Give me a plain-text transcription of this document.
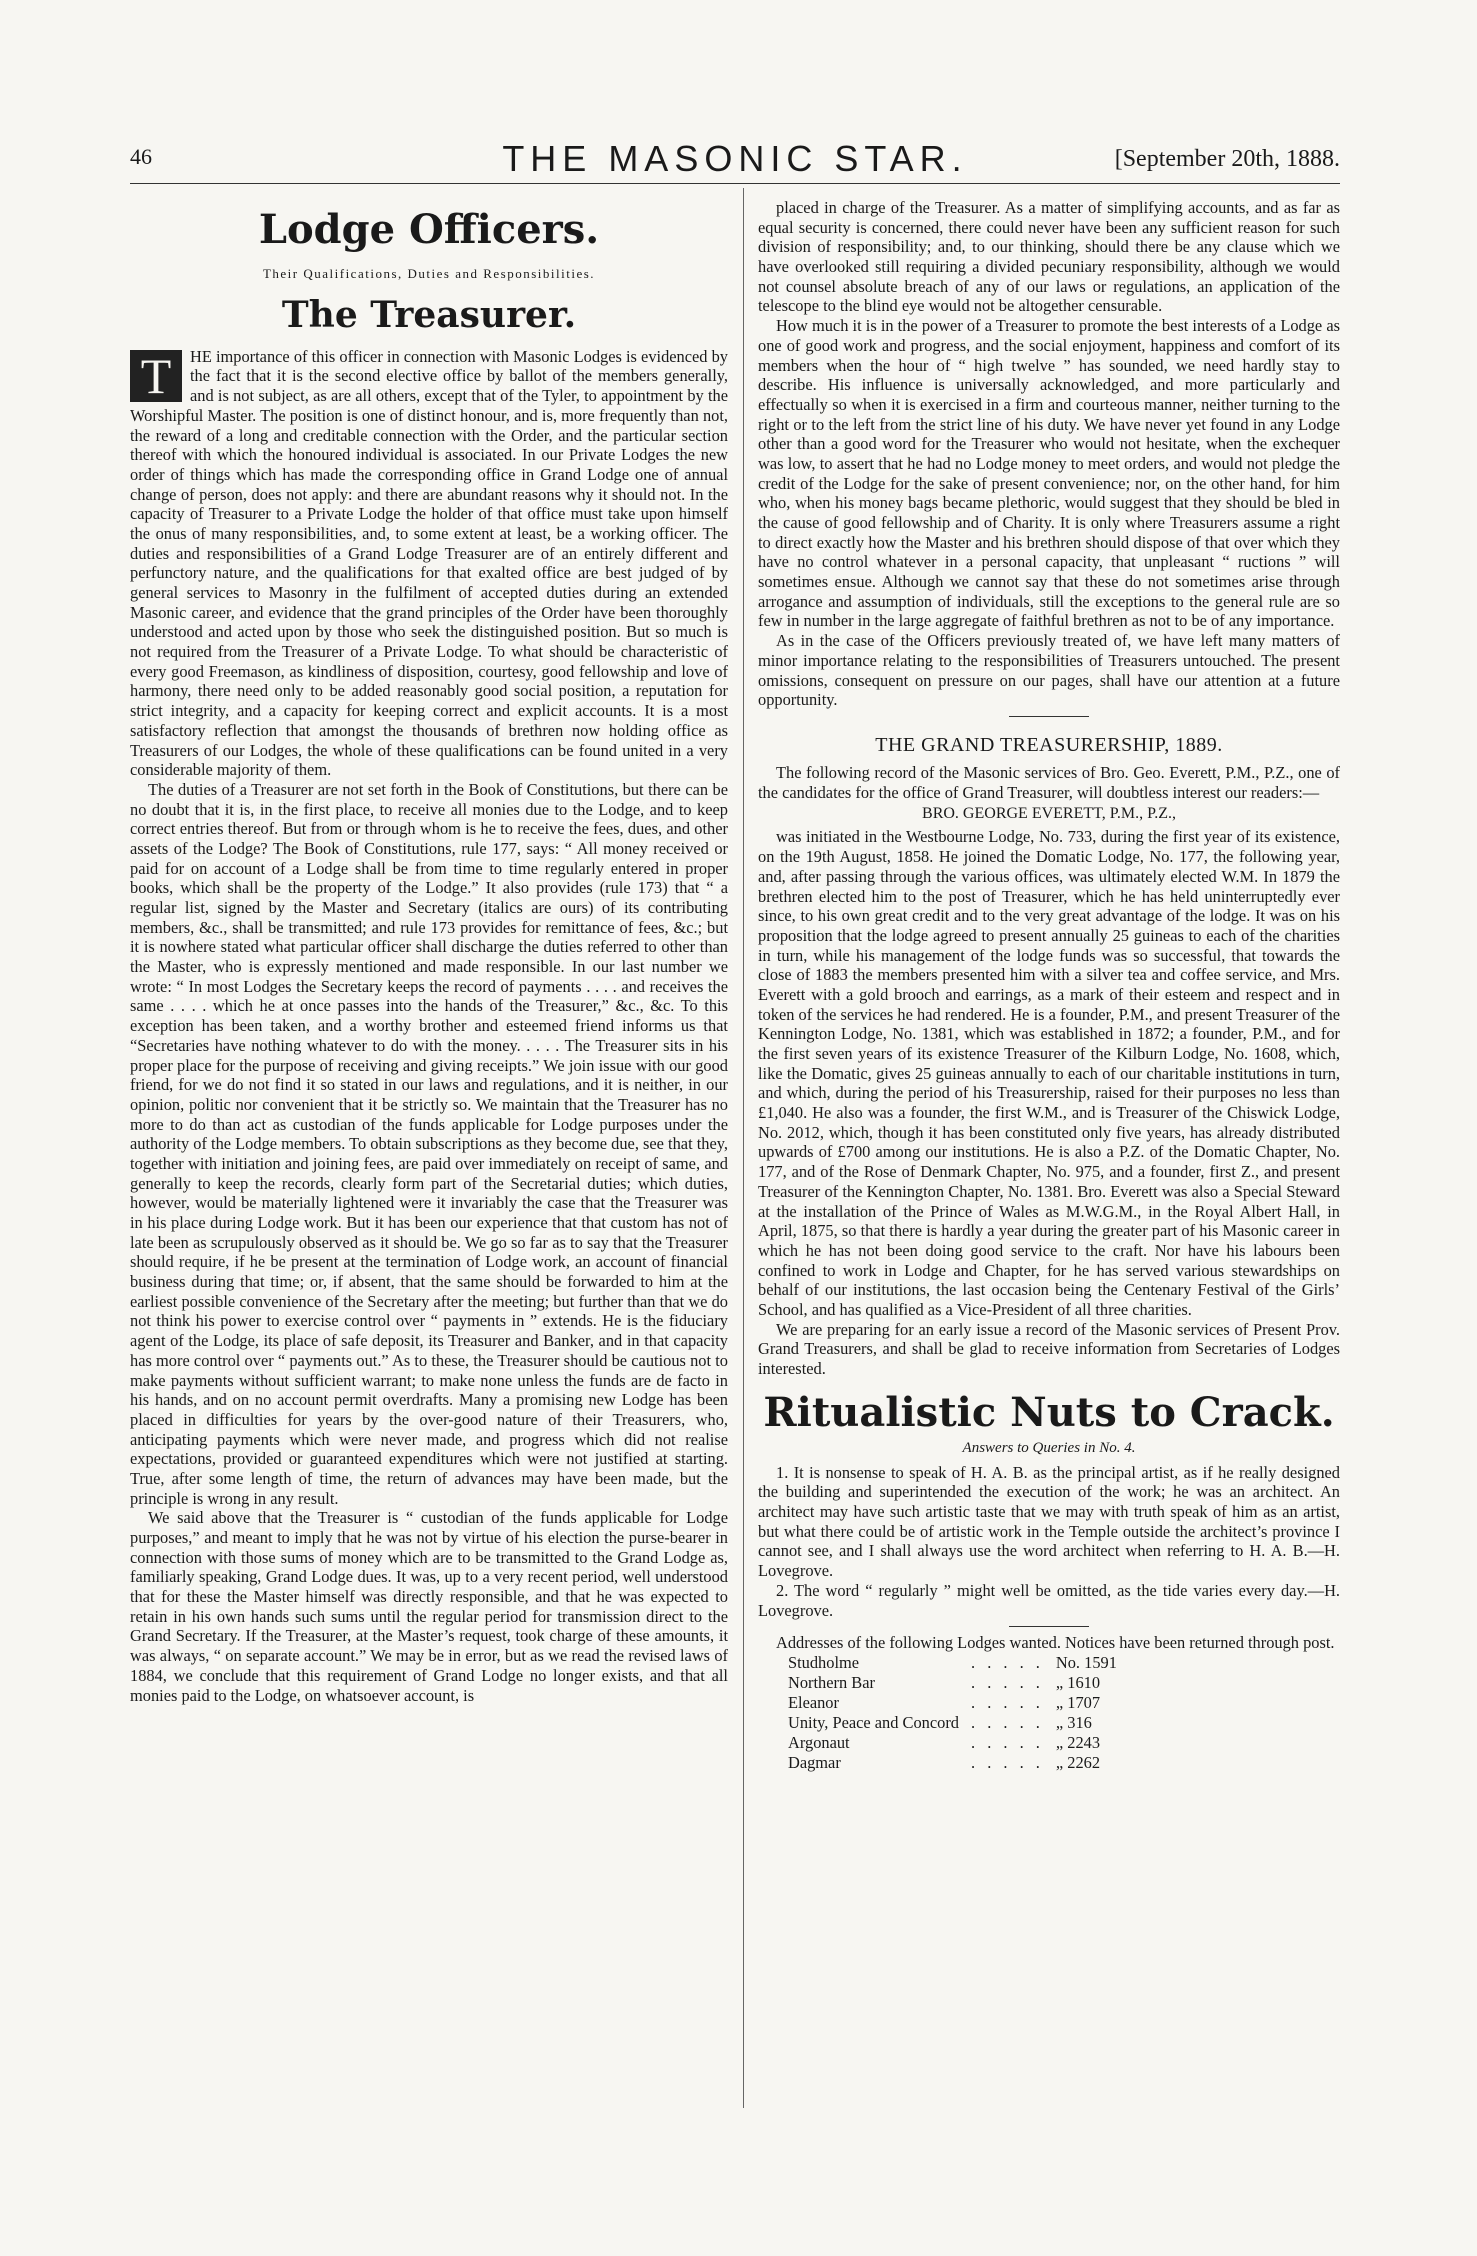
46	THE MASONIC STAR.	[September 20th, 1888.
Lodge Officers.
Their Qualifications, Duties and Responsibilities.
The Treasurer.
T	HE importance of this officer in connection with Masonic Lodges is evidenced by the fact that it is the second elective office by ballot of the members generally, and is not subject, as are all others, except that of the Tyler, to appointment by the Worshipful Master. The position is one of distinct honour, and is, more frequently than not, the reward of a long and creditable connection with the Order, and the particular section thereof with which the honoured individual is associated. In our Private Lodges the new order of things which has made the corresponding office in Grand Lodge one of annual change of person, does not apply: and there are abundant reasons why it should not. In the capacity of Treasurer to a Private Lodge the holder of that office must take upon himself the onus of many responsibilities, and, to some extent at least, be a working officer. The duties and responsibilities of a Grand Lodge Treasurer are of an entirely different and perfunctory nature, and the qualifications for that exalted office are best judged of by general services to Masonry in the fulfilment of accepted duties during an extended Masonic career, and evidence that the grand principles of the Order have been thoroughly understood and acted upon by those who seek the distinguished position. But so much is not required from the Treasurer of a Private Lodge. To what should be characteristic of every good Freemason, as kindliness of disposition, courtesy, good fellowship and love of harmony, there need only to be added reasonably good social position, a reputation for strict integrity, and a capacity for keeping correct and explicit accounts. It is a most satisfactory reflection that amongst the thousands of brethren now holding office as Treasurers of our Lodges, the whole of these qualifications can be found united in a very considerable majority of them.

The duties of a Treasurer are not set forth in the Book of Constitutions, but there can be no doubt that it is, in the first place, to receive all monies due to the Lodge, and to keep correct entries thereof. But from or through whom is he to receive the fees, dues, and other assets of the Lodge? The Book of Constitutions, rule 177, says: “ All money received or paid for on account of a Lodge shall be from time to time regularly entered in proper books, which shall be the property of the Lodge.” It also provides (rule 173) that “ a regular list, signed by the Master and Secretary (italics are ours) of its contributing members, &c., shall be transmitted; and rule 173 provides for remittance of fees, &c.; but it is nowhere stated what particular officer shall discharge the duties referred to other than the Master, who is expressly mentioned and made responsible. In our last number we wrote: “ In most Lodges the Secretary keeps the record of payments . . . . and receives the same . . . . which he at once passes into the hands of the Treasurer,” &c., &c. To this exception has been taken, and a worthy brother and esteemed friend informs us that “Secretaries have nothing whatever to do with the money. . . . . The Treasurer sits in his proper place for the purpose of receiving and giving receipts.” We join issue with our good friend, for we do not find it so stated in our laws and regulations, and it is neither, in our opinion, politic nor convenient that it be strictly so. We maintain that the Treasurer has no more to do than act as custodian of the funds applicable for Lodge purposes under the authority of the Lodge members. To obtain subscriptions as they become due, see that they, together with initiation and joining fees, are paid over immediately on receipt of same, and generally to keep the records, clearly form part of the Secretarial duties; which duties, however, would be materially lightened were it invariably the case that the Treasurer was in his place during Lodge work. But it has been our experience that that custom has not of late been as scrupulously observed as it should be. We go so far as to say that the Treasurer should require, if he be present at the termination of Lodge work, an account of financial business during that time; or, if absent, that the same should be forwarded to him at the earliest possible convenience of the Secretary after the meeting; but further than that we do not think his power to exercise control over “ payments in ” extends. He is the fiduciary agent of the Lodge, its place of safe deposit, its Treasurer and Banker, and in that capacity has more control over “ payments out.” As to these, the Treasurer should be cautious not to make payments without sufficient warrant; to make none unless the funds are de facto in his hands, and on no account permit overdrafts. Many a promising new Lodge has been placed in difficulties for years by the over-good nature of their Treasurers, who, anticipating payments which were never made, and progress which did not realise expectations, provided or guaranteed expenditures which were not justified at starting. True, after some length of time, the return of advances may have been made, but the principle is wrong in any result.

We said above that the Treasurer is “ custodian of the funds applicable for Lodge purposes,” and meant to imply that he was not by virtue of his election the purse-bearer in connection with those sums of money which are to be transmitted to the Grand Lodge as, familiarly speaking, Grand Lodge dues. It was, up to a very recent period, well understood that for these the Master himself was directly responsible, and that he was expected to retain in his own hands such sums until the regular period for transmission direct to the Grand Secretary. If the Treasurer, at the Master’s request, took charge of these amounts, it was always, “ on separate account.” We may be in error, but as we read the revised laws of 1884, we conclude that this requirement of Grand Lodge no longer exists, and that all monies paid to the Lodge, on whatsoever account, is

placed in charge of the Treasurer. As a matter of simplifying accounts, and as far as equal security is concerned, there could never have been any sufficient reason for such division of responsibility; and, to our thinking, should there be any clause which we have overlooked still requiring a divided pecuniary responsibility, although we would not counsel absolute breach of any of our laws or regulations, an application of the telescope to the blind eye would not be altogether censurable.

How much it is in the power of a Treasurer to promote the best interests of a Lodge as one of good work and progress, and the social enjoyment, happiness and comfort of its members when the hour of “ high twelve ” has sounded, we need hardly stay to describe. His influence is universally acknowledged, and more particularly and effectually so when it is exercised in a firm and courteous manner, neither turning to the right or to the left from the strict line of his duty. We have never yet found in any Lodge other than a good word for the Treasurer who would not hesitate, when the exchequer was low, to assert that he had no Lodge money to meet orders, and would not pledge the credit of the Lodge for the sake of present convenience; nor, on the other hand, for him who, when his money bags became plethoric, would suggest that they should be bled in the cause of good fellowship and of Charity. It is only where Treasurers assume a right to direct exactly how the Master and his brethren should dispose of that over which they have no control whatever in a personal capacity, that unpleasant “ ructions ” will sometimes ensue. Although we cannot say that these do not sometimes arise through arrogance and assumption of individuals, still the exceptions to the general rule are so few in number in the large aggregate of faithful brethren as not to be of any importance.

As in the case of the Officers previously treated of, we have left many matters of minor importance relating to the responsibilities of Treasurers untouched. The present omissions, consequent on pressure on our pages, shall have our attention at a future opportunity.

THE GRAND TREASURERSHIP, 1889.

The following record of the Masonic services of Bro. Geo. Everett, P.M., P.Z., one of the candidates for the office of Grand Treasurer, will doubtless interest our readers:—

BRO. GEORGE EVERETT, P.M., P.Z.,

was initiated in the Westbourne Lodge, No. 733, during the first year of its existence, on the 19th August, 1858. He joined the Domatic Lodge, No. 177, the following year, and, after passing through the various offices, was ultimately elected W.M. In 1879 the brethren elected him to the post of Treasurer, which he has held uninterruptedly ever since, to his own great credit and to the very great advantage of the lodge. It was on his proposition that the lodge agreed to present annually 25 guineas to each of the charities in turn, while his management of the lodge funds was so successful, that towards the close of 1883 the members presented him with a silver tea and coffee service, and Mrs. Everett with a gold brooch and earrings, as a mark of their esteem and respect and in token of the services he had rendered. He is a founder, P.M., and present Treasurer of the Kennington Lodge, No. 1381, which was established in 1872; a founder, P.M., and for the first seven years of its existence Treasurer of the Kilburn Lodge, No. 1608, which, like the Domatic, gives 25 guineas annually to each of our charitable institutions in turn, and which, during the period of his Treasurership, raised for their purposes no less than £1,040. He also was a founder, the first W.M., and is Treasurer of the Chiswick Lodge, No. 2012, which, though it has been constituted only five years, has already distributed upwards of £700 among our institutions. He is also a P.Z. of the Domatic Chapter, No. 177, and of the Rose of Denmark Chapter, No. 975, and a founder, first Z., and present Treasurer of the Kennington Chapter, No. 1381. Bro. Everett was also a Special Steward at the installation of the Prince of Wales as M.W.G.M., in the Royal Albert Hall, in April, 1875, so that there is hardly a year during the greater part of his Masonic career in which he has not been doing good service to the craft. Nor have his labours been confined to work in Lodge and Chapter, for he has served various stewardships on behalf of our institutions, the last occasion being the Centenary Festival of the Girls’ School, and has qualified as a Vice-President of all three charities.

We are preparing for an early issue a record of the Masonic services of Present Prov. Grand Treasurers, and shall be glad to receive information from Secretaries of Lodges interested.

Ritualistic Nuts to Crack.
Answers to Queries in No. 4.

1. It is nonsense to speak of H. A. B. as the principal artist, as if he really designed the building and superintended the execution of the work; he was an architect. An architect may have such artistic taste that we may with truth speak of him as an artist, but what there could be of artistic work in the Temple outside the architect’s province I cannot see, and I shall always use the word architect when referring to H. A. B.—H. Lovegrove.

2. The word “ regularly ” might well be omitted, as the tide varies every day.—H. Lovegrove.

Addresses of the following Lodges wanted. Notices have been returned through post.

Studholme	. . . . .	No. 1591
Northern Bar	. . . . .	„ 1610
Eleanor	. . . . .	„ 1707
Unity, Peace and Concord	. . . . .	„ 316
Argonaut	. . . . .	„ 2243
Dagmar	. . . . .	„ 2262
